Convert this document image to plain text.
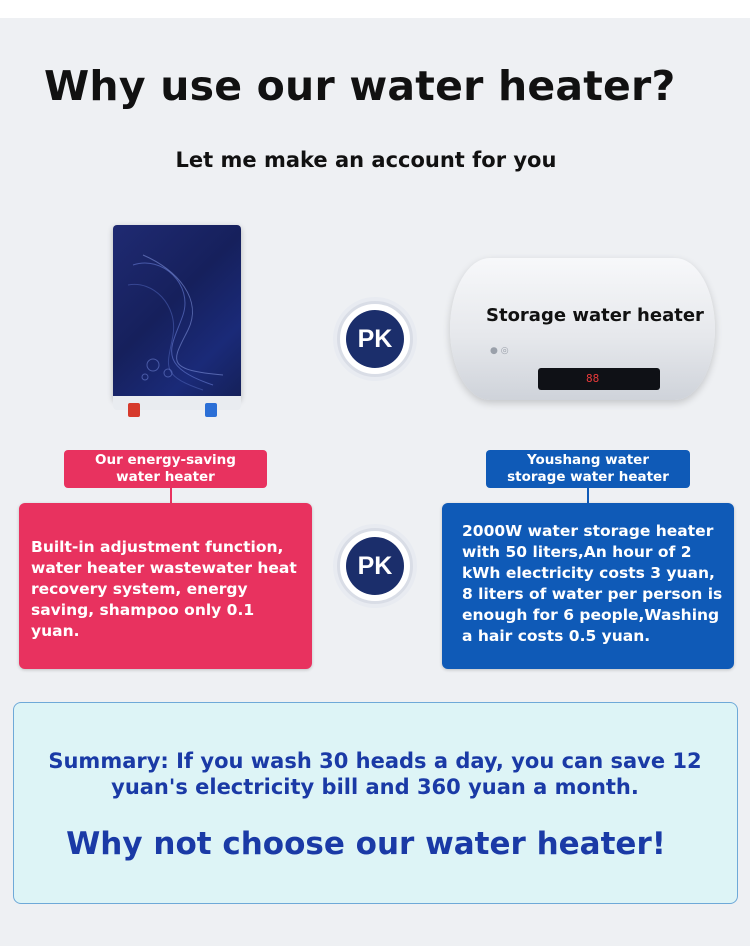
Why use our water heater?
Let me make an account for you
PK	● ◎
Storage water heater
88
Our energy-saving
water heater
Youshang water
storage water heater
Built-in adjustment function, water heater wastewater heat recovery system, energy saving, shampoo only 0.1 yuan.
PK
2000W water storage heater with 50 liters,An hour of 2 kWh electricity costs 3 yuan, 8 liters of water per person is enough for 6 people,Washing a hair costs 0.5 yuan.
Summary: If you wash 30 heads a day, you can save 12 yuan's electricity bill and 360 yuan a month.
Why not choose our water heater!
